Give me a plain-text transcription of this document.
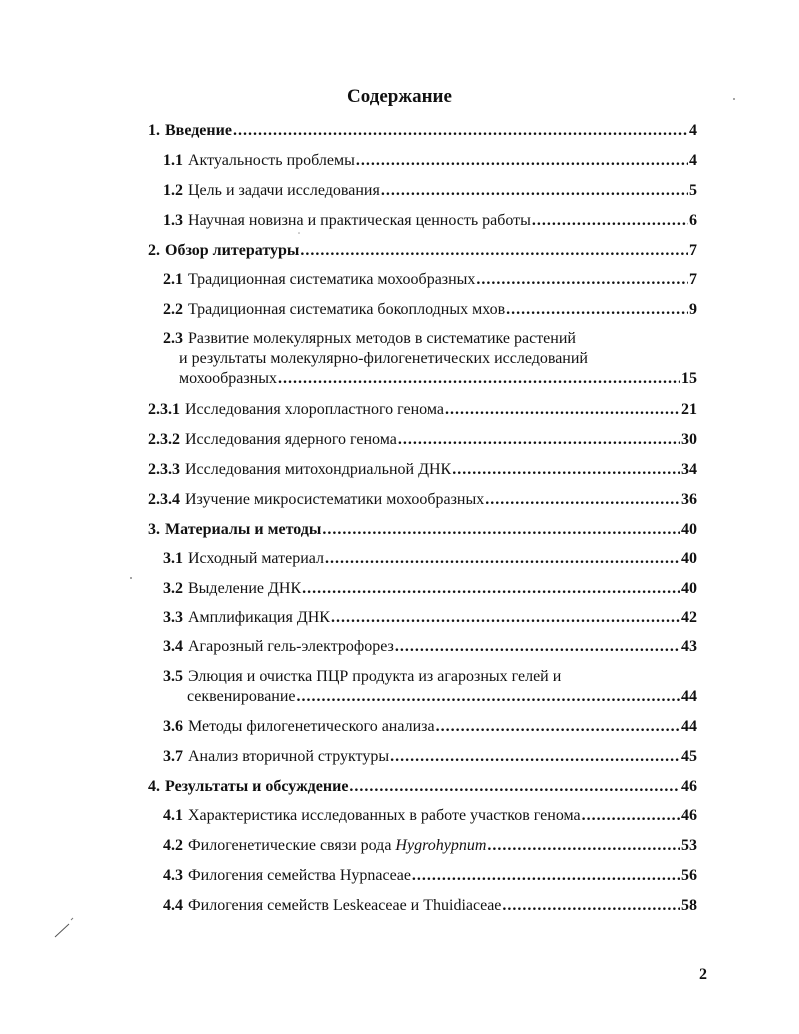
Содержание
1. Введение .....	4
1.1 Актуальность проблемы .....	4
1.2 Цель и задачи исследования .....	5
1.3 Научная новизна и практическая ценность работы .....	6
2. Обзор литературы .....	7
2.1 Традиционная систематика мохообразных .....	7
2.2 Традиционная систематика бокоплодных мхов .....	9
2.3 Развитие молекулярных методов в систематике растений
и результаты молекулярно-филогенетических исследований
мохообразных .....	15
2.3.1 Исследования хлоропластного генома .....	21
2.3.2 Исследования ядерного генома .....	30
2.3.3 Исследования митохондриальной ДНК .....	34
2.3.4 Изучение микросистематики мохообразных .....	36
3. Материалы и методы .....	40
3.1 Исходный материал .....	40
3.2 Выделение ДНК .....	40
3.3 Амплификация ДНК .....	42
3.4 Агарозный гель-электрофорез .....	43
3.5 Элюция и очистка ПЦР продукта из агарозных гелей и
секвенирование .....	44
3.6 Методы филогенетического анализа .....	44
3.7 Анализ вторичной структуры .....	45
4. Результаты и обсуждение .....	46
4.1 Характеристика исследованных в работе участков генома .....	46
4.2 Филогенетические связи рода
Hygrohypnum .....	53
4.3 Филогения семейства Hypnaceae .....	56
4.4 Филогения семейств Leskeaceae и Thuidiaceae .....	58
2
